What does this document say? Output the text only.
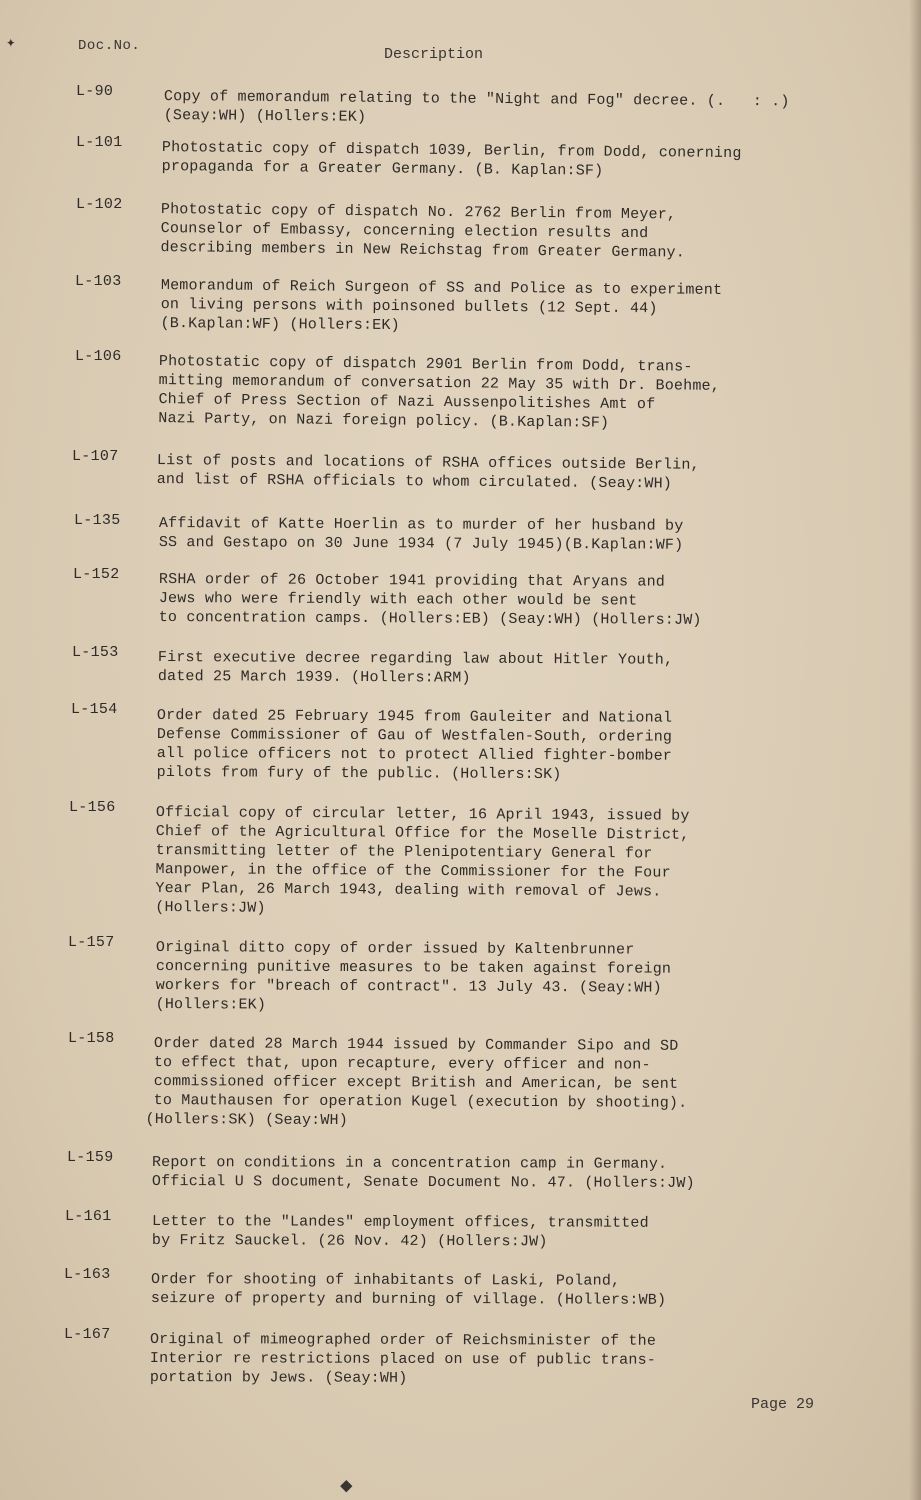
✦	Doc.No.	Description
L-90	Copy of memorandum relating to the "Night and Fog" decree. (.   : .)
(Seay:WH) (Hollers:EK)
L-101	Photostatic copy of dispatch 1039, Berlin, from Dodd, conerning
propaganda for a Greater Germany. (B. Kaplan:SF)
L-102	Photostatic copy of dispatch No. 2762 Berlin from Meyer,
Counselor of Embassy, concerning election results and
describing members in New Reichstag from Greater Germany.
L-103	Memorandum of Reich Surgeon of SS and Police as to experiment
on living persons with poinsoned bullets (12 Sept. 44)
(B.Kaplan:WF) (Hollers:EK)
L-106 Photostatic copy of dispatch 2901 Berlin from Dodd, trans-
mitting memorandum of conversation 22 May 35 with Dr. Boehme,
Chief of Press Section of Nazi Aussenpolitishes Amt of
Nazi Party, on Nazi foreign policy. (B.Kaplan:SF)
L-107	List of posts and locations of RSHA offices outside Berlin,
and list of RSHA officials to whom circulated. (Seay:WH)
L-135	Affidavit of Katte Hoerlin as to murder of her husband by
SS and Gestapo on 30 June 1934 (7 July 1945)(B.Kaplan:WF)
L-152	RSHA order of 26 October 1941 providing that Aryans and
Jews who were friendly with each other would be sent
to concentration camps. (Hollers:EB) (Seay:WH) (Hollers:JW)
L-153	First executive decree regarding law about Hitler Youth,
dated 25 March 1939. (Hollers:ARM)
L-154	Order dated 25 February 1945 from Gauleiter and National
Defense Commissioner of Gau of Westfalen-South, ordering
all police officers not to protect Allied fighter-bomber
pilots from fury of the public. (Hollers:SK)
L-156	Official copy of circular letter, 16 April 1943, issued by
Chief of the Agricultural Office for the Moselle District,
transmitting letter of the Plenipotentiary General for
Manpower, in the office of the Commissioner for the Four
Year Plan, 26 March 1943, dealing with removal of Jews.
(Hollers:JW)
L-157	Original ditto copy of order issued by Kaltenbrunner
concerning punitive measures to be taken against foreign
workers for "breach of contract". 13 July 43. (Seay:WH)
(Hollers:EK)
L-158	Order dated 28 March 1944 issued by Commander Sipo and SD
to effect that, upon recapture, every officer and non-
commissioned officer except British and American, be sent
to Mauthausen for operation Kugel (execution by shooting).
(Hollers:SK) (Seay:WH)
L-159	Report on conditions in a concentration camp in Germany.
Official U S document, Senate Document No. 47. (Hollers:JW)
L-161	Letter to the "Landes" employment offices, transmitted
by Fritz Sauckel. (26 Nov. 42) (Hollers:JW)
L-163	Order for shooting of inhabitants of Laski, Poland,
seizure of property and burning of village. (Hollers:WB)
L-167	Original of mimeographed order of Reichsminister of the
Interior re restrictions placed on use of public trans-
portation by Jews. (Seay:WH)
Page 29
⬥
